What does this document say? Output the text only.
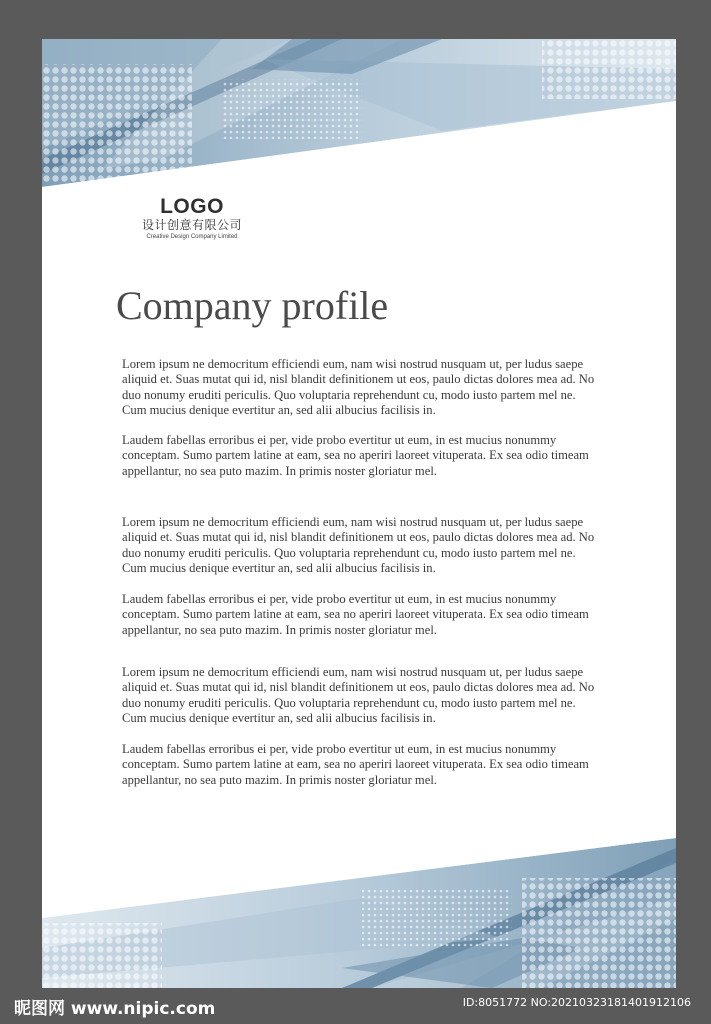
LOGO
设计创意有限公司
Creative Design Company Limited
Company profile

Lorem ipsum ne democritum efficiendi eum, nam wisi nostrud nusquam ut, per ludus saepe aliquid et. Suas mutat qui id, nisl blandit definitionem ut eos, paulo dictas dolores mea ad. No duo nonumy eruditi periculis. Quo voluptaria reprehendunt cu, modo iusto partem mel ne. Cum mucius denique evertitur an, sed alii albucius facilisis in.

Laudem fabellas erroribus ei per, vide probo evertitur ut eum, in est mucius nonummy conceptam. Sumo partem latine at eam, sea no aperiri laoreet vituperata. Ex sea odio timeam appellantur, no sea puto mazim. In primis noster gloriatur mel.

Lorem ipsum ne democritum efficiendi eum, nam wisi nostrud nusquam ut, per ludus saepe aliquid et. Suas mutat qui id, nisl blandit definitionem ut eos, paulo dictas dolores mea ad. No duo nonumy eruditi periculis. Quo voluptaria reprehendunt cu, modo iusto partem mel ne. Cum mucius denique evertitur an, sed alii albucius facilisis in.

Laudem fabellas erroribus ei per, vide probo evertitur ut eum, in est mucius nonummy conceptam. Sumo partem latine at eam, sea no aperiri laoreet vituperata. Ex sea odio timeam appellantur, no sea puto mazim. In primis noster gloriatur mel.

Lorem ipsum ne democritum efficiendi eum, nam wisi nostrud nusquam ut, per ludus saepe aliquid et. Suas mutat qui id, nisl blandit definitionem ut eos, paulo dictas dolores mea ad. No duo nonumy eruditi periculis. Quo voluptaria reprehendunt cu, modo iusto partem mel ne. Cum mucius denique evertitur an, sed alii albucius facilisis in.

Laudem fabellas erroribus ei per, vide probo evertitur ut eum, in est mucius nonummy conceptam. Sumo partem latine at eam, sea no aperiri laoreet vituperata. Ex sea odio timeam appellantur, no sea puto mazim. In primis noster gloriatur mel.

昵图网 www.nipic.com	ID:8051772 NO:20210323181401912106
